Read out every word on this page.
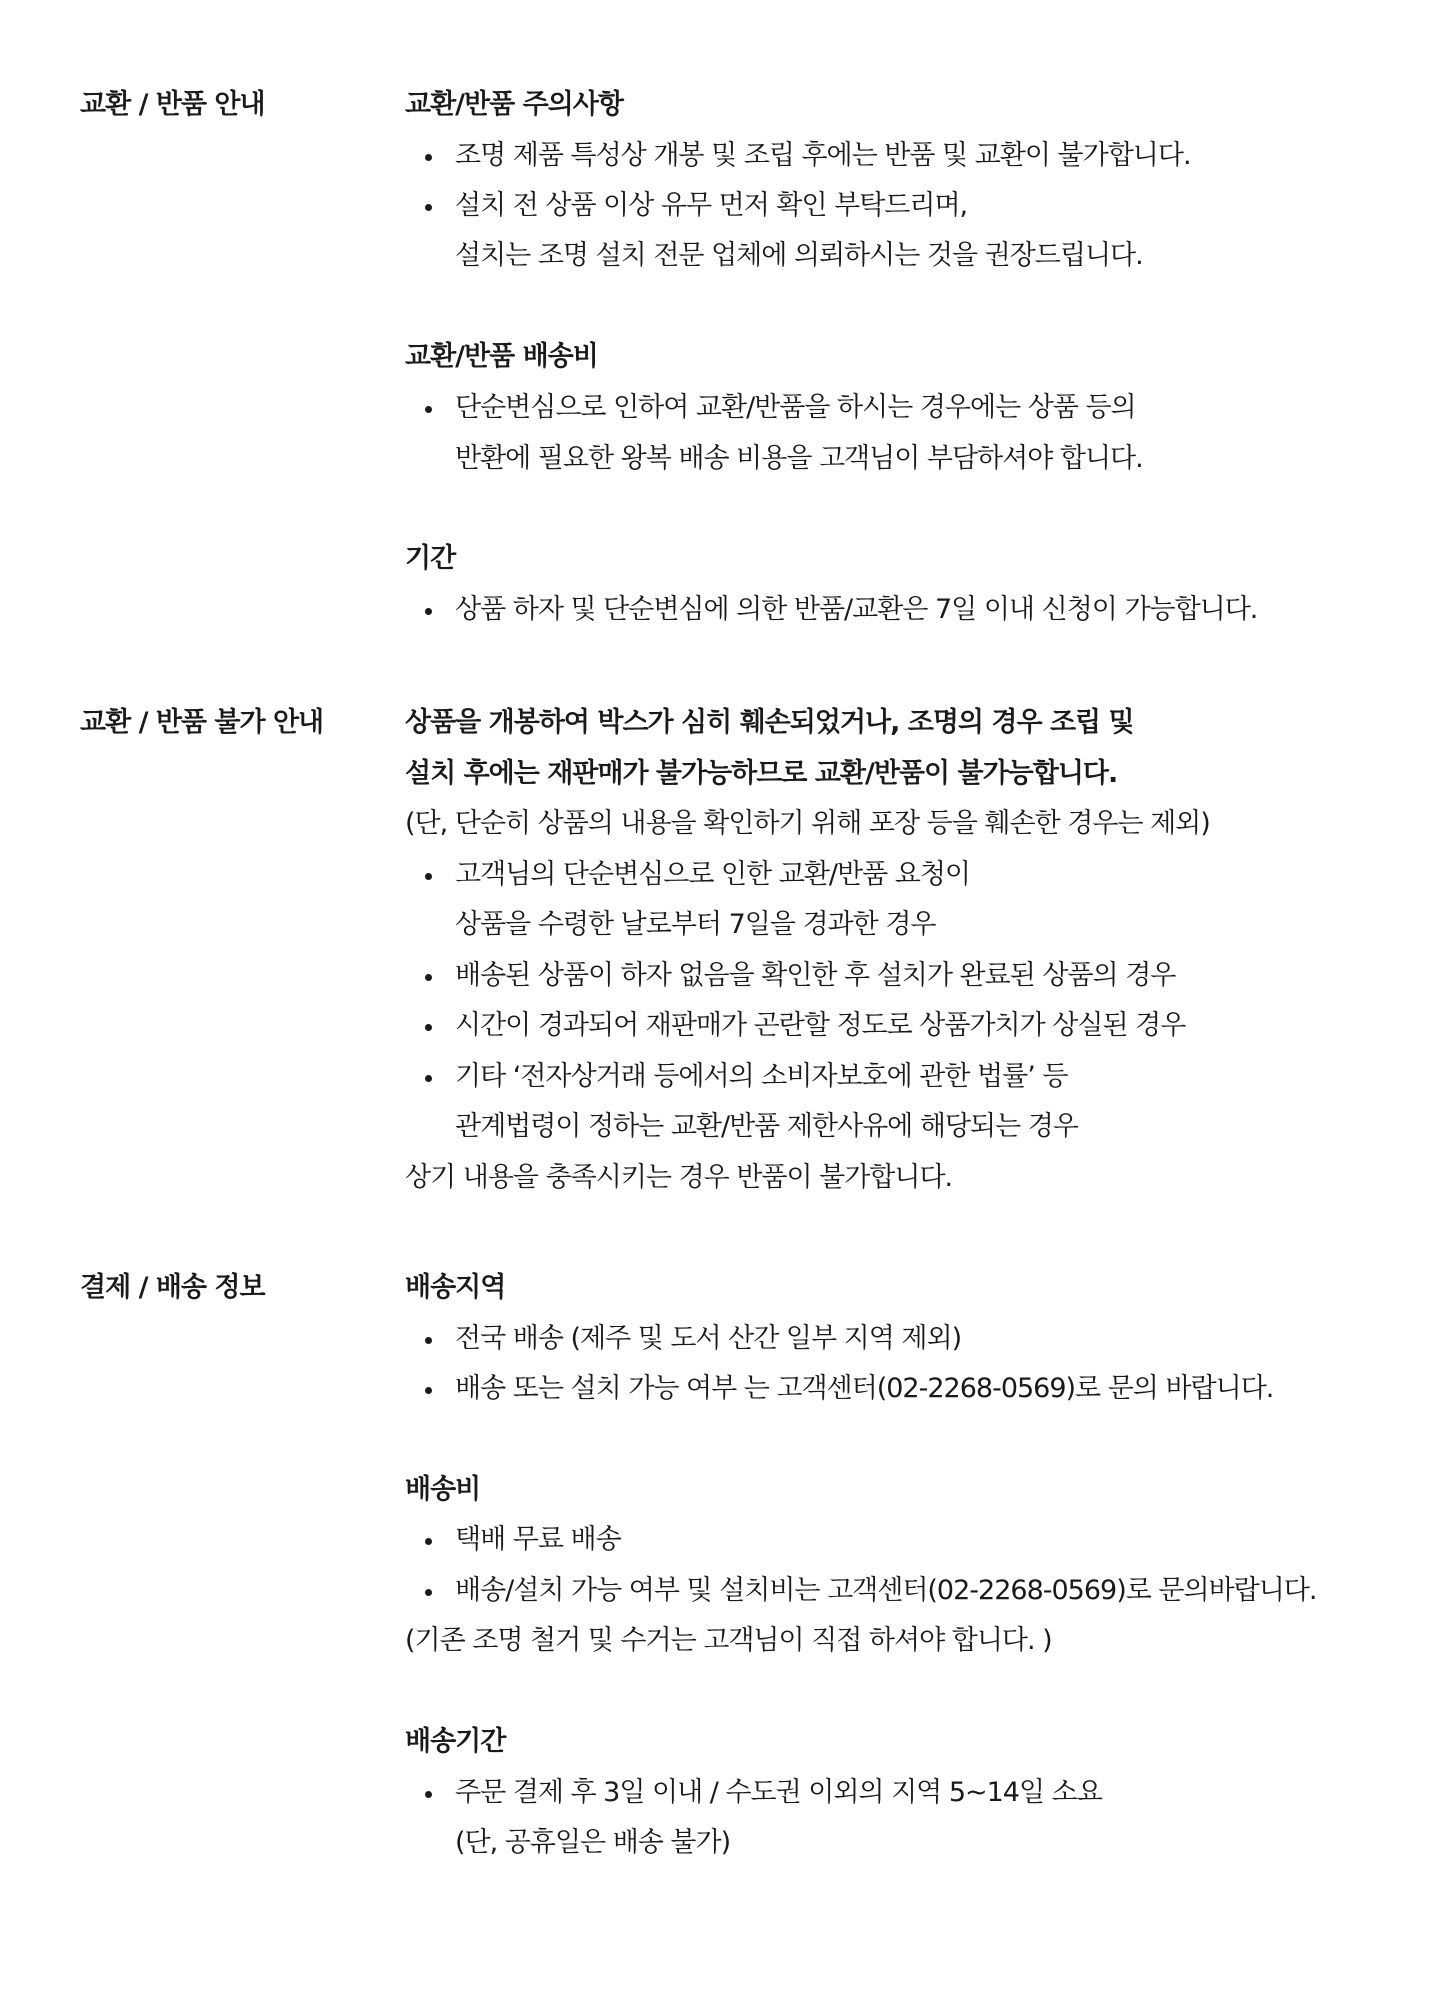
교환 / 반품 안내	교환/반품 주의사항
조명 제품 특성상 개봉 및 조립 후에는 반품 및 교환이 불가합니다.
설치 전 상품 이상 유무 먼저 확인 부탁드리며,
설치는 조명 설치 전문 업체에 의뢰하시는 것을 권장드립니다.
교환/반품 배송비
단순변심으로 인하여 교환/반품을 하시는 경우에는 상품 등의
반환에 필요한 왕복 배송 비용을 고객님이 부담하셔야 합니다.
기간
상품 하자 및 단순변심에 의한 반품/교환은 7일 이내 신청이 가능합니다.
교환 / 반품 불가 안내	상품을 개봉하여 박스가 심히 훼손되었거나, 조명의 경우 조립 및
설치 후에는 재판매가 불가능하므로 교환/반품이 불가능합니다.
(단, 단순히 상품의 내용을 확인하기 위해 포장 등을 훼손한 경우는 제외)
고객님의 단순변심으로 인한 교환/반품 요청이
상품을 수령한 날로부터 7일을 경과한 경우
배송된 상품이 하자 없음을 확인한 후 설치가 완료된 상품의 경우
시간이 경과되어 재판매가 곤란할 정도로 상품가치가 상실된 경우
기타 ‘전자상거래 등에서의 소비자보호에 관한 법률’ 등
관계법령이 정하는 교환/반품 제한사유에 해당되는 경우
상기 내용을 충족시키는 경우 반품이 불가합니다.
결제 / 배송 정보	배송지역
전국 배송 (제주 및 도서 산간 일부 지역 제외)
배송 또는 설치 가능 여부 는 고객센터(02-2268-0569)로 문의 바랍니다.
배송비
택배 무료 배송
배송/설치 가능 여부 및 설치비는 고객센터(02-2268-0569)로 문의바랍니다.
(기존 조명 철거 및 수거는 고객님이 직접 하셔야 합니다. )
배송기간
주문 결제 후 3일 이내 / 수도권 이외의 지역 5~14일 소요
(단, 공휴일은 배송 불가)
